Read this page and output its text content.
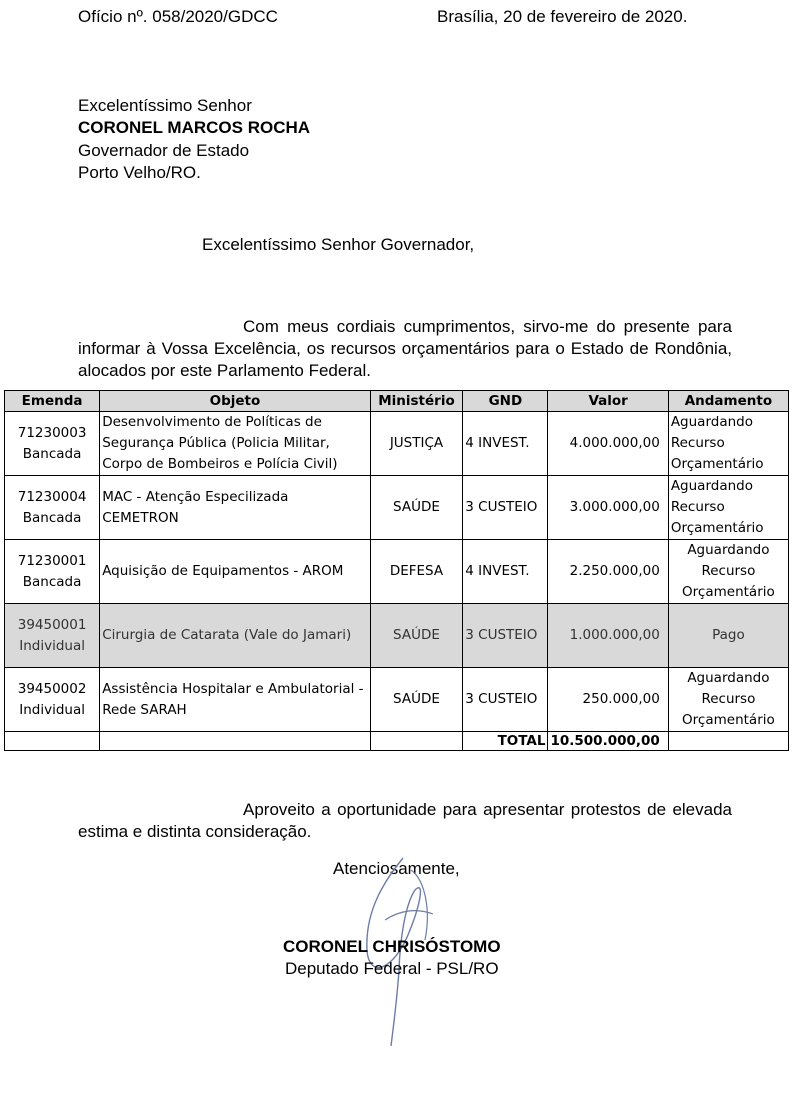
Ofício nº. 058/2020/GDCC	Brasília, 20 de fevereiro de 2020.
Excelentíssimo Senhor
CORONEL MARCOS ROCHA
Governador de Estado
Porto Velho/RO.
Excelentíssimo Senhor Governador,
Com meus cordiais cumprimentos, sirvo-me do presente para informar à Vossa Excelência, os recursos orçamentários para o Estado de Rondônia, alocados por este Parlamento Federal.
Emenda	Objeto	Ministério	GND	Valor	Andamento

71230003
Bancada	Desenvolvimento de Políticas de Segurança Pública (Policia Militar, Corpo de Bombeiros e Polícia Civil)	JUSTIÇA	4 INVEST.	4.000.000,00	Aguardando Recurso Orçamentário

71230004
Bancada	MAC - Atenção Especilizada CEMETRON	SAÚDE	3 CUSTEIO	3.000.000,00	Aguardando Recurso Orçamentário

71230001
Bancada	Aquisição de Equipamentos - AROM	DEFESA	4 INVEST.	2.250.000,00	Aguardando Recurso Orçamentário

39450001
Individual	Cirurgia de Catarata (Vale do Jamari)	SAÚDE	3 CUSTEIO	1.000.000,00	Pago

39450002
Individual	Assistência Hospitalar e Ambulatorial - Rede SARAH	SAÚDE	3 CUSTEIO	250.000,00	Aguardando Recurso Orçamentário
			TOTAL	10.500.000,00	
Aproveito a oportunidade para apresentar protestos de elevada estima e distinta consideração.
Atenciosamente,
CORONEL CHRISÓSTOMO
Deputado Federal - PSL/RO
